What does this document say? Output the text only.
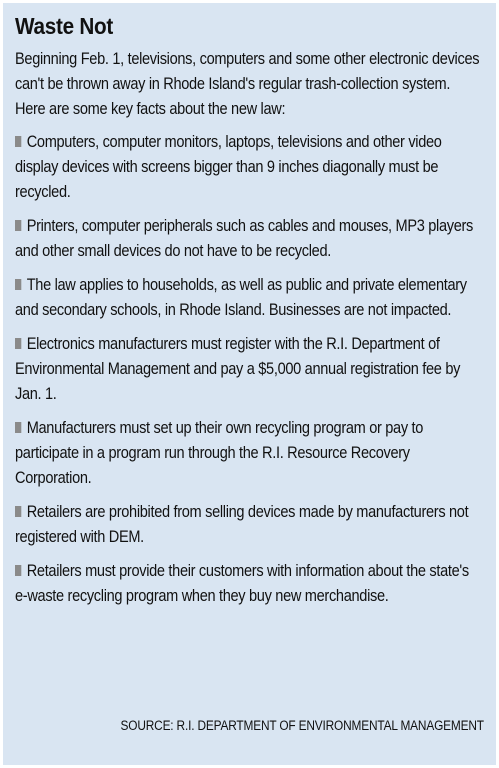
Waste Not
Beginning Feb. 1, televisions, computers and some other electronic devices can't be thrown away in Rhode Island's regular trash-collection system. Here are some key facts about the new law:
Computers, computer monitors, laptops, televisions and other video display devices with screens bigger than 9 inches diagonally must be recycled.
Printers, computer peripherals such as cables and mouses, MP3 players and other small devices do not have to be recycled.
The law applies to households, as well as public and private elementary and secondary schools, in Rhode Island. Businesses are not impacted.
Electronics manufacturers must register with the R.I. Department of Environmental Management and pay a $5,000 annual registration fee by Jan. 1.
Manufacturers must set up their own recycling program or pay to participate in a program run through the R.I. Resource Recovery Corporation.
Retailers are prohibited from selling devices made by manufacturers not registered with DEM.
Retailers must provide their customers with information about the state's e-waste recycling program when they buy new merchandise.
SOURCE: R.I. DEPARTMENT OF ENVIRONMENTAL MANAGEMENT
